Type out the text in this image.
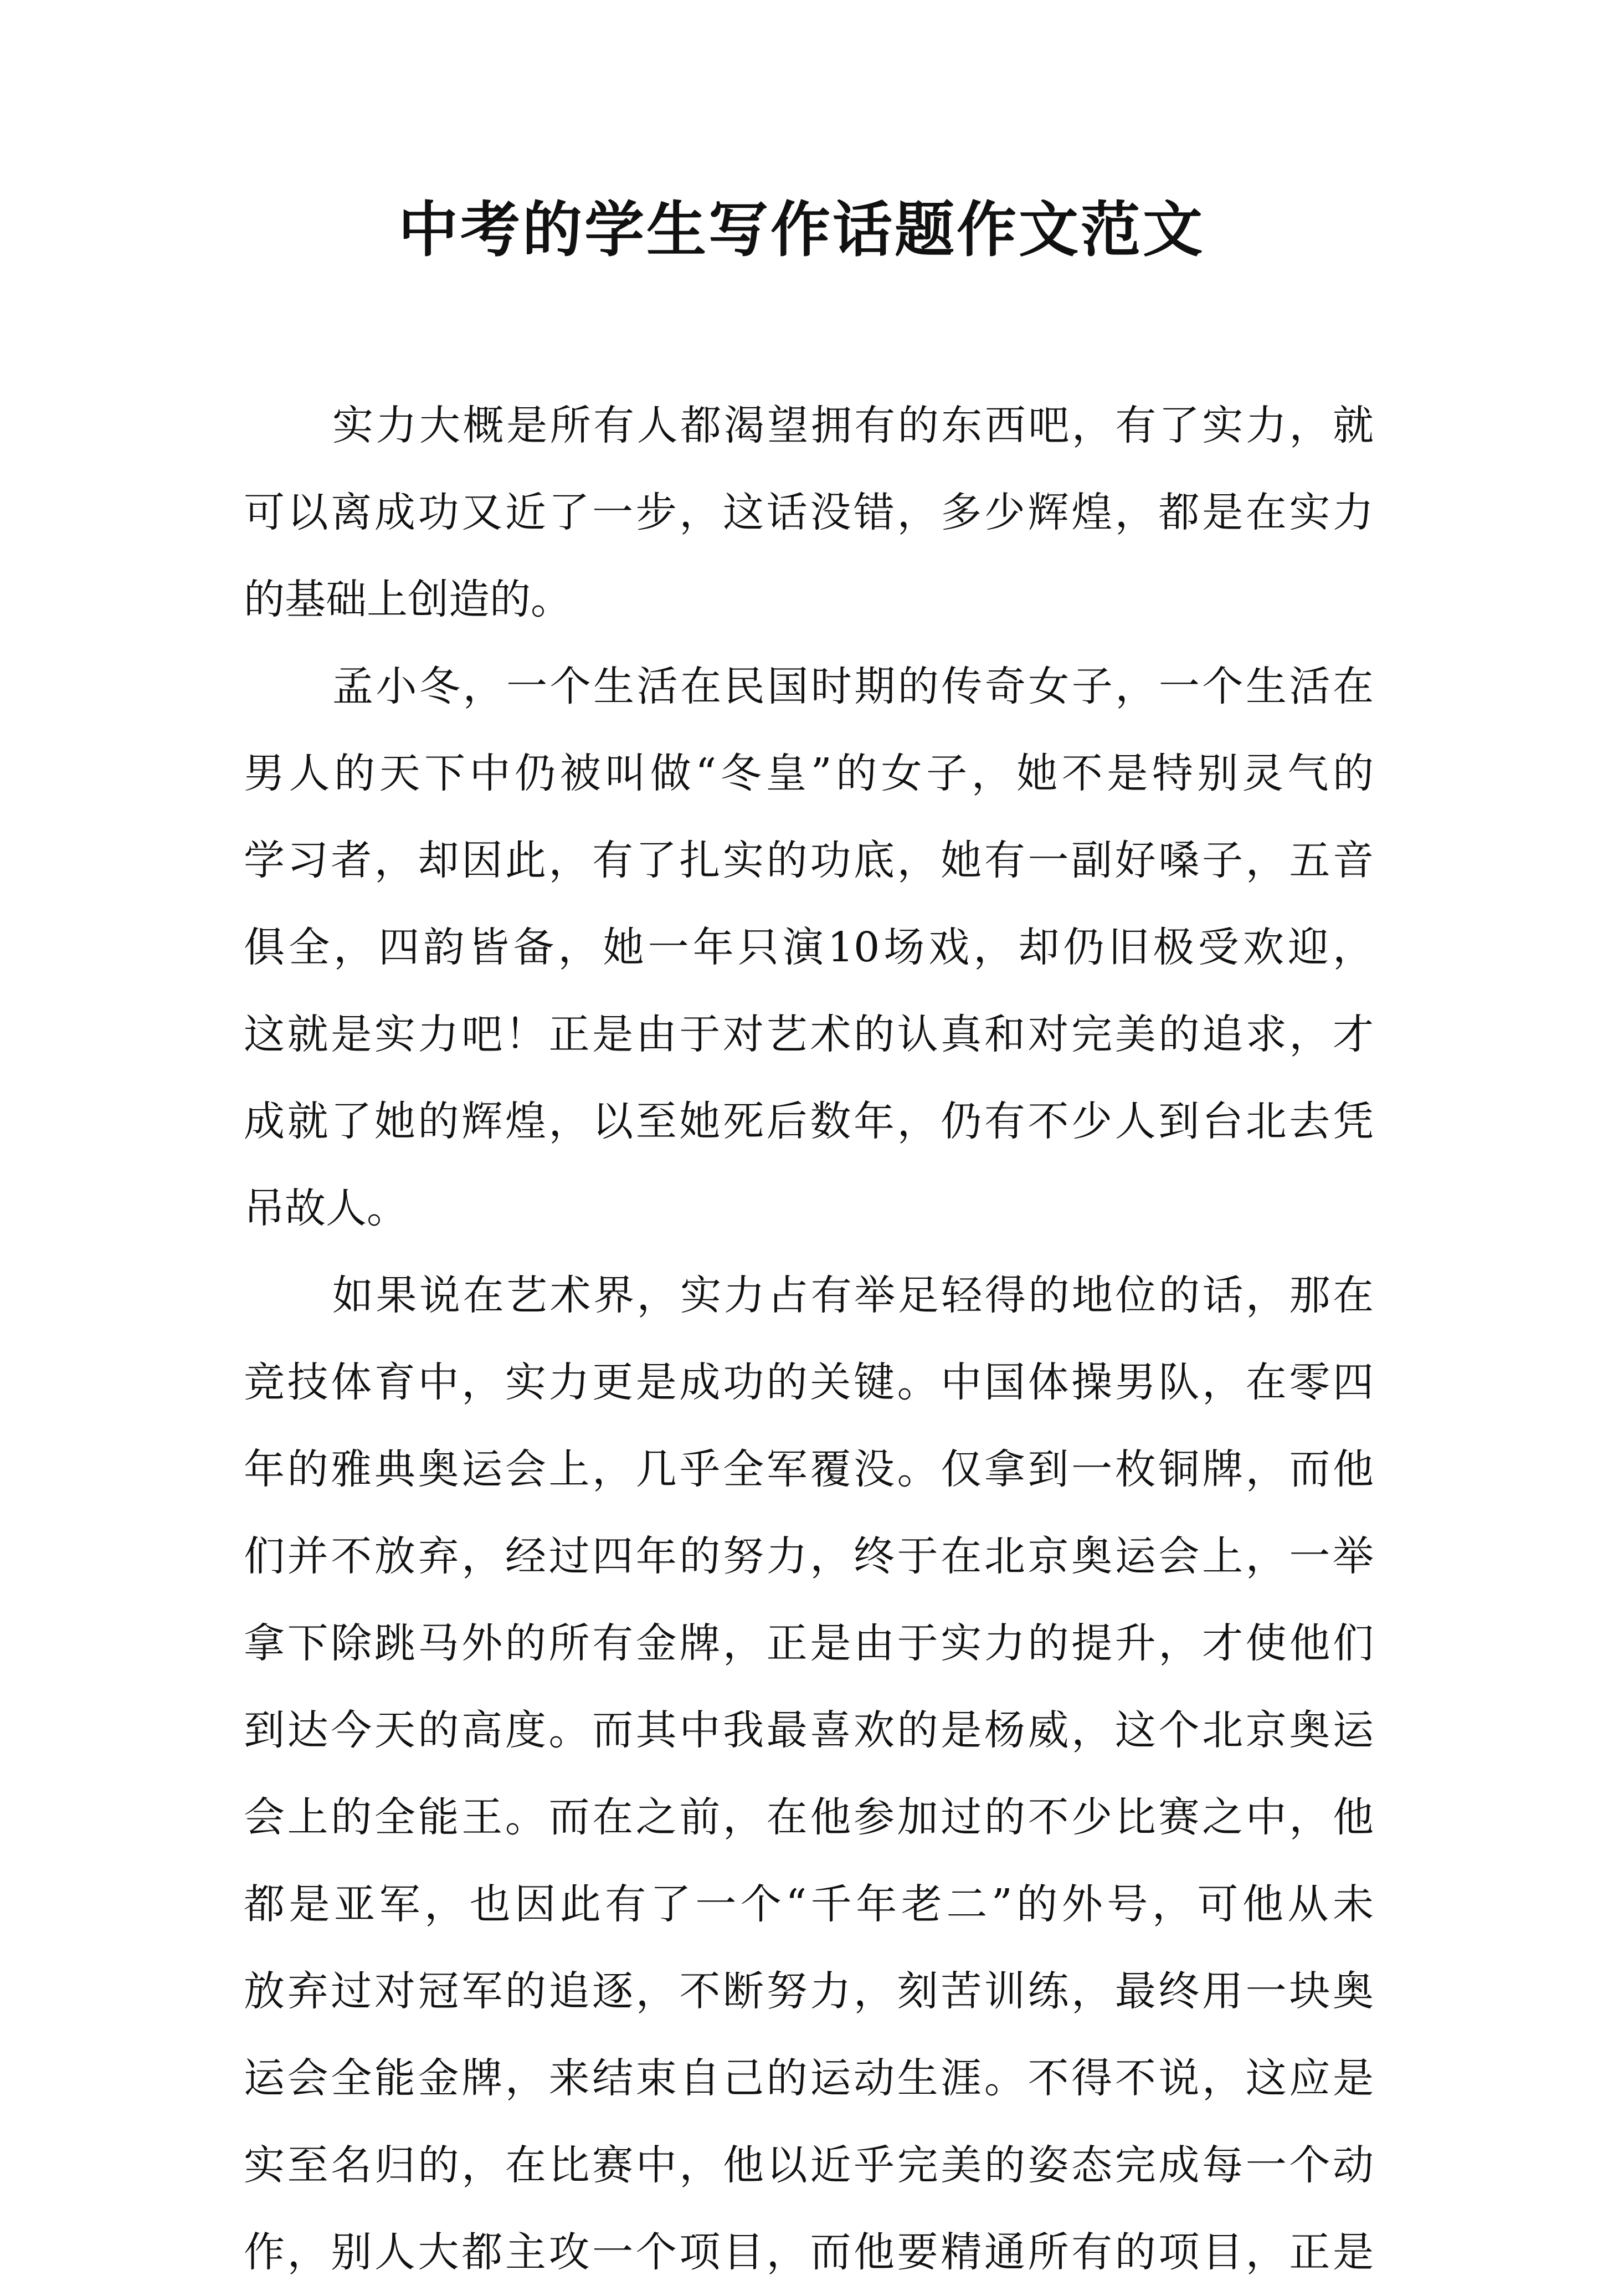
中考的学生写作话题作文范文
实力大概是所有人都渴望拥有的东西吧，有了实力，就
可以离成功又近了一步，这话没错，多少辉煌，都是在实力
的基础上创造的。
孟小冬，一个生活在民国时期的传奇女子，一个生活在
男人的天下中仍被叫做“冬皇”的女子，她不是特别灵气的
学习者，却因此，有了扎实的功底，她有一副好嗓子，五音
俱全，四韵皆备，她一年只演10场戏，却仍旧极受欢迎，
这就是实力吧！正是由于对艺术的认真和对完美的追求，才
成就了她的辉煌，以至她死后数年，仍有不少人到台北去凭
吊故人。
如果说在艺术界，实力占有举足轻得的地位的话，那在
竞技体育中，实力更是成功的关键。中国体操男队，在零四
年的雅典奥运会上，几乎全军覆没。仅拿到一枚铜牌，而他
们并不放弃，经过四年的努力，终于在北京奥运会上，一举
拿下除跳马外的所有金牌，正是由于实力的提升，才使他们
到达今天的高度。而其中我最喜欢的是杨威，这个北京奥运
会上的全能王。而在之前，在他参加过的不少比赛之中，他
都是亚军，也因此有了一个“千年老二”的外号，可他从未
放弃过对冠军的追逐，不断努力，刻苦训练，最终用一块奥
运会全能金牌，来结束自己的运动生涯。不得不说，这应是
实至名归的，在比赛中，他以近乎完美的姿态完成每一个动
作，别人大都主攻一个项目，而他要精通所有的项目，正是
